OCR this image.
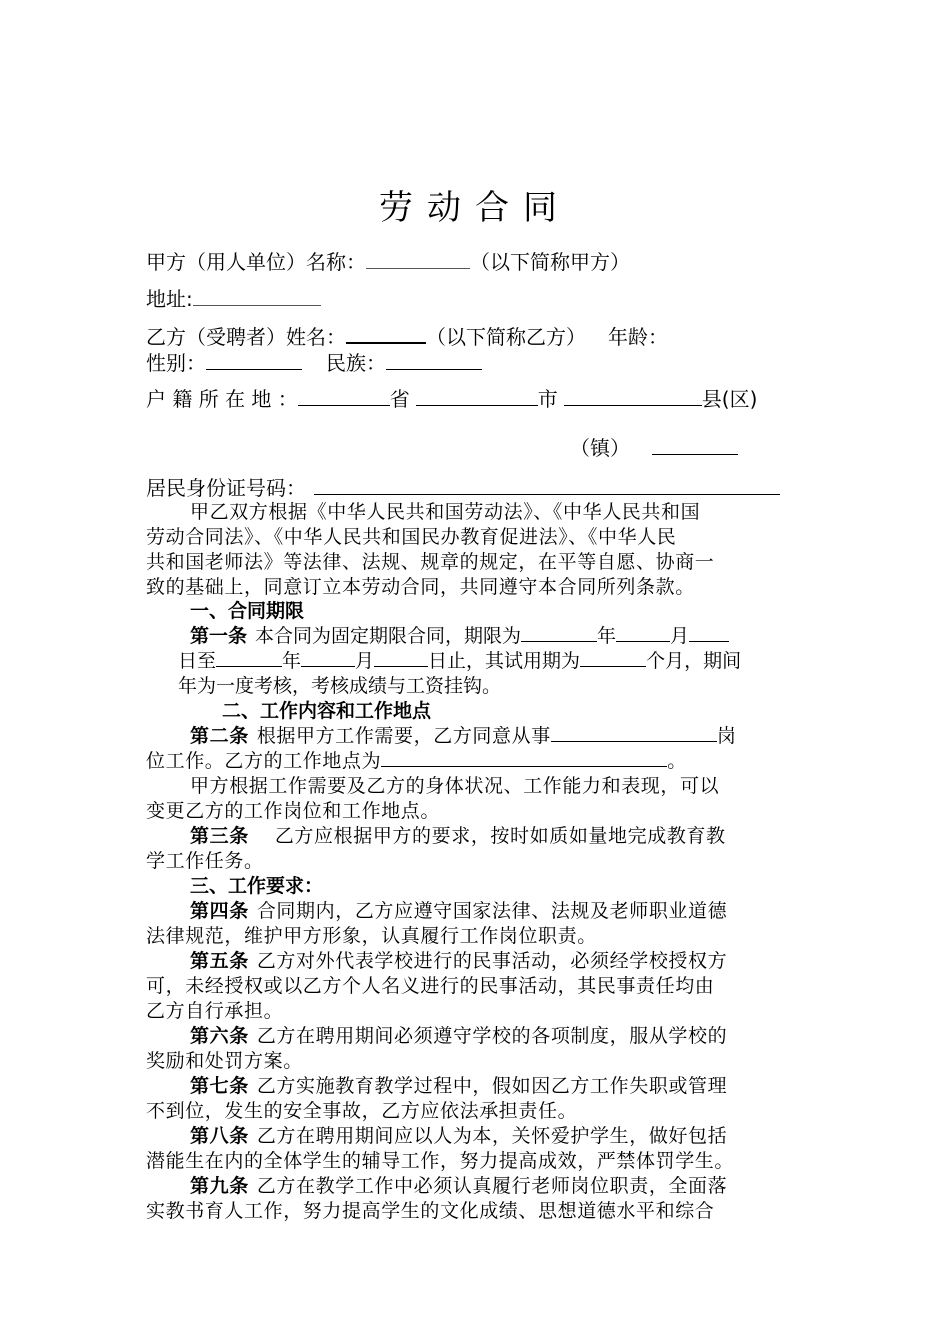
劳动合同
甲方（用人单位）名称：	（以下简称甲方）
地址:
乙方（受聘者）姓名：	（以下简称乙方） 年龄：
性别：	民族：
户 籍 所 在 地 ：	省	市	县(区)
（镇）
居民身份证号码：
甲乙双方根据《中华人民共和国劳动法》、《中华人民共和国
劳动合同法》、《中华人民共和国民办教育促进法》、《中华人民
共和国老师法》等法律、法规、规章的规定，在平等自愿、协商一
致的基础上，同意订立本劳动合同，共同遵守本合同所列条款。
一、合同期限
第一条 本合同为固定期限合同，期限为	年	月
日至	年	月	日止，其试用期为	个月，期间
年为一度考核，考核成绩与工资挂钩。
二、工作内容和工作地点
第二条 根据甲方工作需要，乙方同意从事	岗
位工作。乙方的工作地点为	。
甲方根据工作需要及乙方的身体状况、工作能力和表现，可以
变更乙方的工作岗位和工作地点。
第三条 乙方应根据甲方的要求，按时如质如量地完成教育教
学工作任务。
三、工作要求：
第四条 合同期内，乙方应遵守国家法律、法规及老师职业道德
法律规范，维护甲方形象，认真履行工作岗位职责。
第五条 乙方对外代表学校进行的民事活动，必须经学校授权方
可，未经授权或以乙方个人名义进行的民事活动，其民事责任均由
乙方自行承担。
第六条 乙方在聘用期间必须遵守学校的各项制度，服从学校的
奖励和处罚方案。
第七条 乙方实施教育教学过程中，假如因乙方工作失职或管理
不到位，发生的安全事故，乙方应依法承担责任。
第八条 乙方在聘用期间应以人为本，关怀爱护学生，做好包括
潜能生在内的全体学生的辅导工作，努力提高成效，严禁体罚学生。
第九条 乙方在教学工作中必须认真履行老师岗位职责，全面落
实教书育人工作，努力提高学生的文化成绩、思想道德水平和综合
